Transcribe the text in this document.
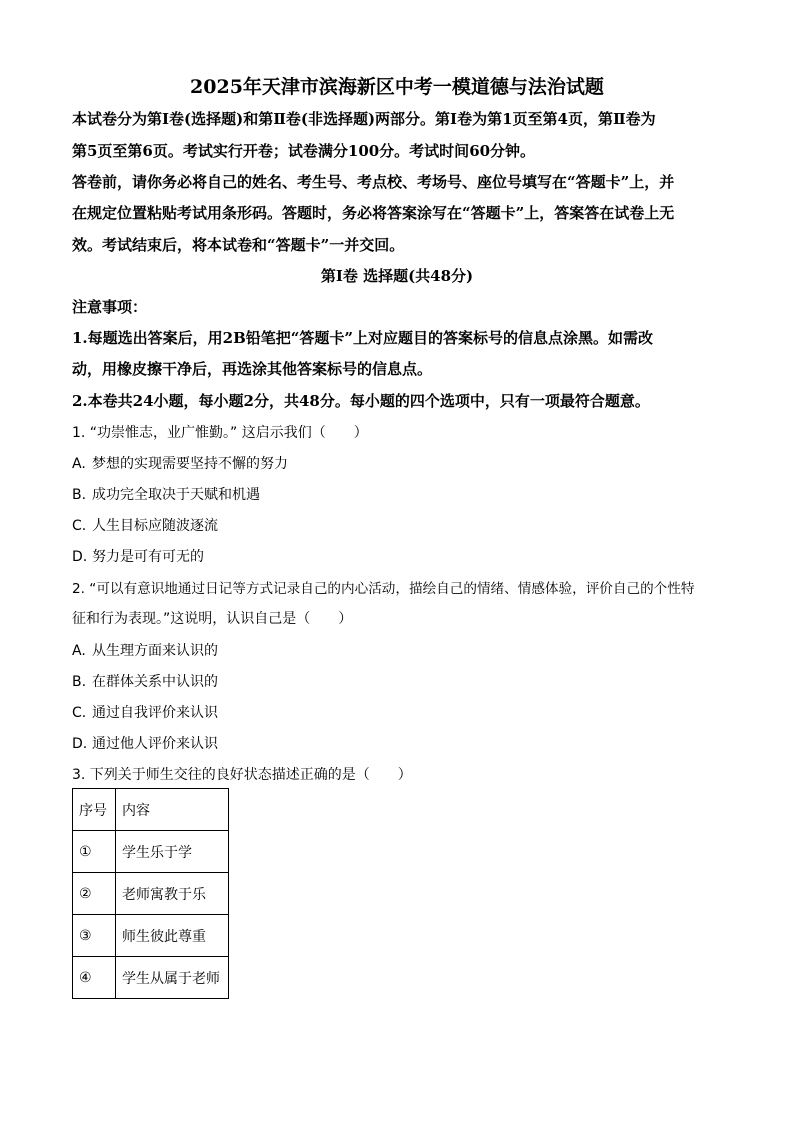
2025年天津市滨海新区中考一模道德与法治试题
本试卷分为第Ⅰ卷(选择题)和第Ⅱ卷(非选择题)两部分。第Ⅰ卷为第1页至第4页，第Ⅱ卷为
第5页至第6页。考试实行开卷；试卷满分100分。考试时间60分钟。
答卷前，请你务必将自己的姓名、考生号、考点校、考场号、座位号填写在“答题卡”上，并
在规定位置粘贴考试用条形码。答题时，务必将答案涂写在“答题卡”上，答案答在试卷上无
效。考试结束后，将本试卷和“答题卡”一并交回。
第Ⅰ卷 选择题(共48分)
注意事项：
1.每题选出答案后，用2B铅笔把“答题卡”上对应题目的答案标号的信息点涂黑。如需改
动，用橡皮擦干净后，再选涂其他答案标号的信息点。
2.本卷共24小题，每小题2分，共48分。每小题的四个选项中，只有一项最符合题意。
1. “功崇惟志，业广惟勤。” 这启示我们（　　）
A. 梦想的实现需要坚持不懈的努力
B. 成功完全取决于天赋和机遇
C. 人生目标应随波逐流
D. 努力是可有可无的
2. “可以有意识地通过日记等方式记录自己的内心活动，描绘自己的情绪、情感体验，评价自己的个性特
征和行为表现。”这说明，认识自己是（　　）
A. 从生理方面来认识的
B. 在群体关系中认识的
C. 通过自我评价来认识
D. 通过他人评价来认识
3. 下列关于师生交往的良好状态描述正确的是（　　）
序号	内容
①	学生乐于学
②	老师寓教于乐
③	师生彼此尊重
④	学生从属于老师
